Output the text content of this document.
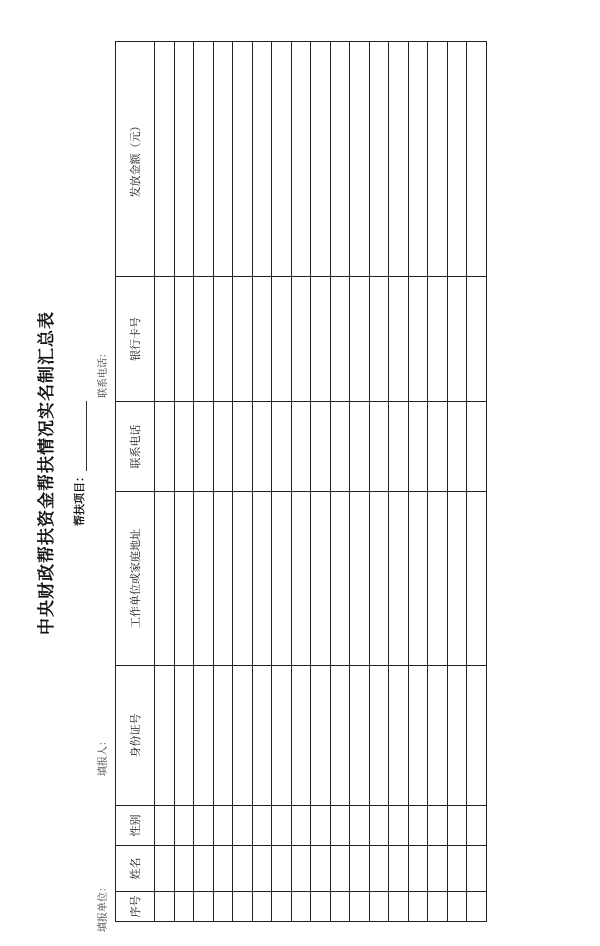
中央财政帮扶资金帮扶情况实名制汇总表 帮扶项目：
填报单位：
填报人：
联系电话：
序号	姓名	性别	身份证号	工作单位或家庭地址	联系电话	银行卡号	发放金额（元）
